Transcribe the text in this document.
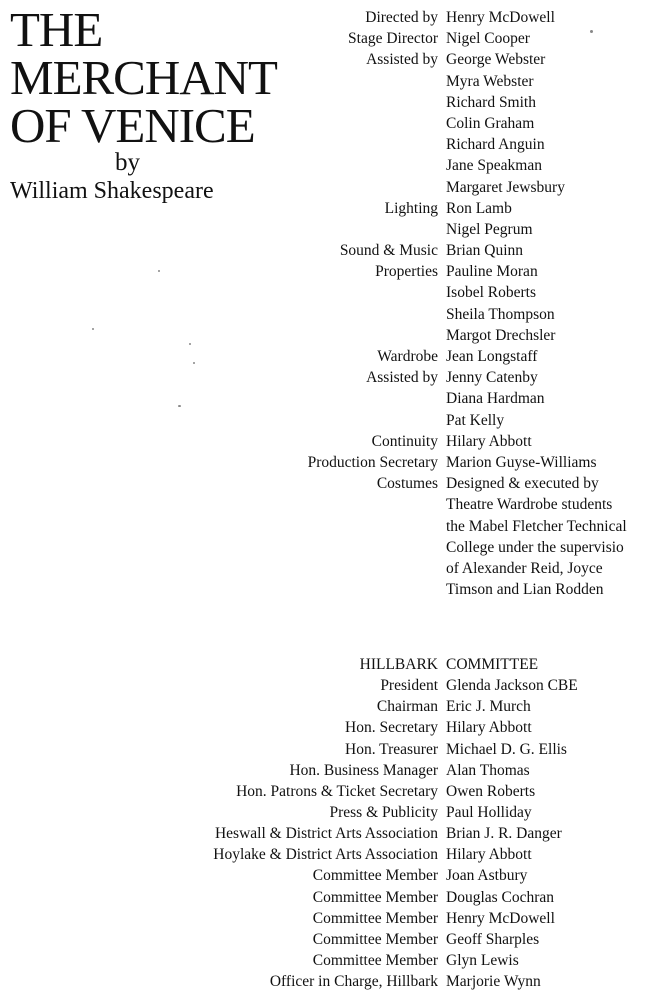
THE
MERCHANT
OF VENICE
by
William Shakespeare
Directed by Henry McDowell
Stage Director Nigel Cooper
Assisted by George Webster
Myra Webster
Richard Smith
Colin Graham
Richard Anguin
Jane Speakman
Margaret Jewsbury
Lighting Ron Lamb
Nigel Pegrum
Sound & Music Brian Quinn
Properties Pauline Moran
Isobel Roberts
Sheila Thompson
Margot Drechsler
Wardrobe Jean Longstaff
Assisted by Jenny Catenby
Diana Hardman
Pat Kelly
Continuity Hilary Abbott
Production Secretary Marion Guyse-Williams
Costumes Designed & executed by
Theatre Wardrobe students
the Mabel Fletcher Technical
College under the supervisio
of Alexander Reid, Joyce
Timson and Lian Rodden
HILLBARK COMMITTEE
President Glenda Jackson CBE
Chairman Eric J. Murch
Hon. Secretary Hilary Abbott
Hon. Treasurer Michael D. G. Ellis
Hon. Business Manager Alan Thomas
Hon. Patrons & Ticket Secretary Owen Roberts
Press & Publicity Paul Holliday
Heswall & District Arts Association Brian J. R. Danger
Hoylake & District Arts Association Hilary Abbott
Committee Member Joan Astbury
Committee Member Douglas Cochran
Committee Member Henry McDowell
Committee Member Geoff Sharples
Committee Member Glyn Lewis
Officer in Charge, Hillbark Marjorie Wynn
